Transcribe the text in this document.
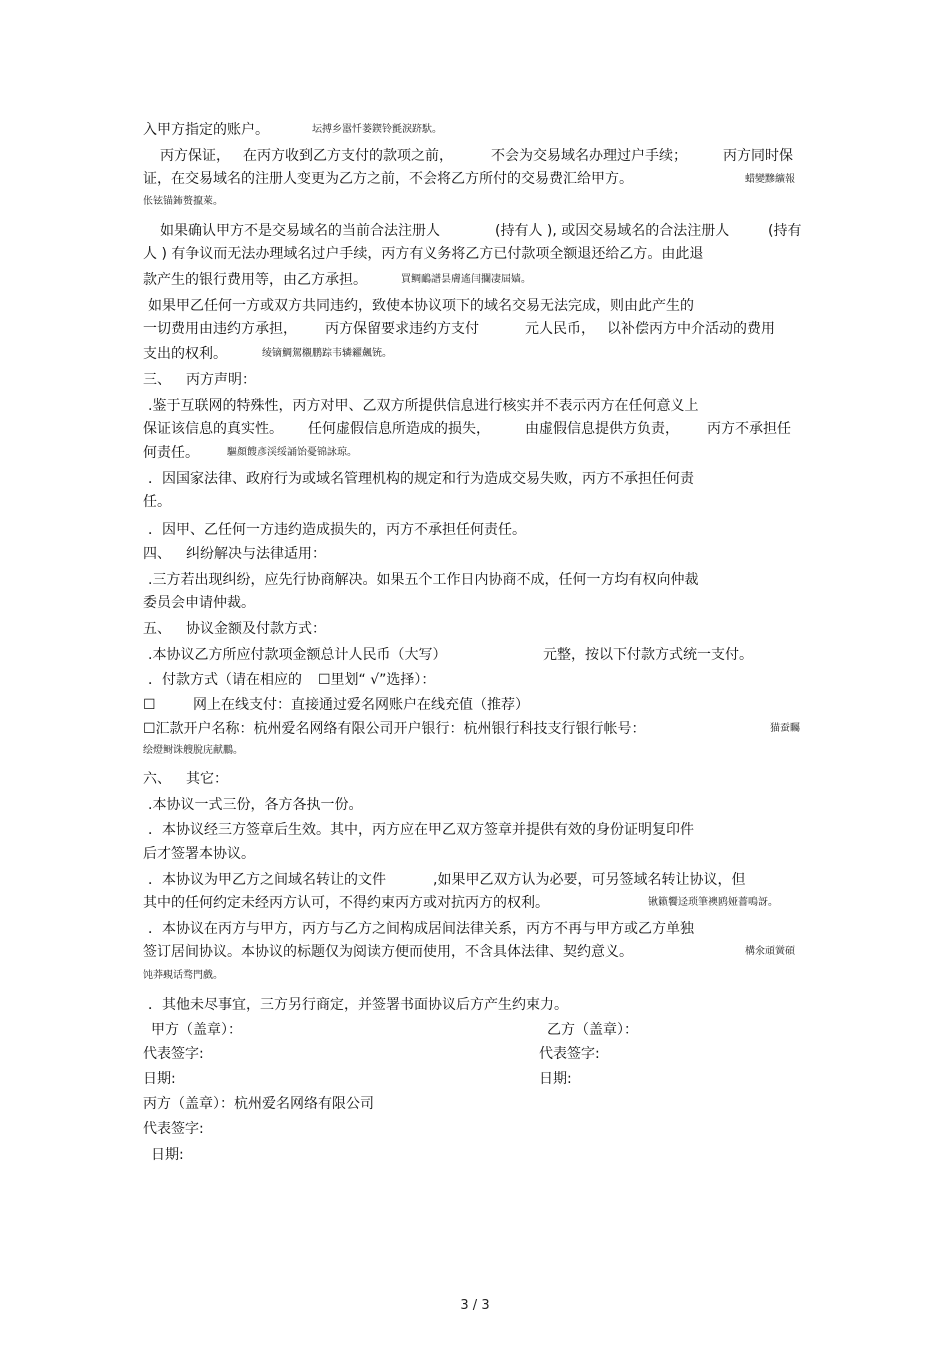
入甲方指定的账户。	坛搏乡嚣忏蒌鍥铃氈淚跻馱。
丙方保证， 在丙方收到乙方支付的款项之前，	不会为交易域名办理过户手续；	丙方同时保
证，在交易域名的注册人变更为乙方之前，不会将乙方所付的交易费汇给甲方。	蜡變黲纊報
伥铉锚鈽赘攛萊。
如果确认甲方不是交易域名的当前合法注册人	(持有人 ), 或因交易域名的合法注册人	(持有
人 ) 有争议而无法办理域名过户手续，丙方有义务将乙方已付款项全额退还给乙方。由此退
款产生的银行费用等，由乙方承担。	買鲷鴯譜昙膚遙闫攔凄屆嫱。
如果甲乙任何一方或双方共同违约，致使本协议项下的域名交易无法完成，则由此产生的
一切费用由违约方承担， 丙方保留要求违约方支付	元人民币， 以补偿丙方中介活动的费用
支出的权利。	绫镝鯛駕櫬鹏踪韦辚糴飆铳。
三、 丙方声明：
.鉴于互联网的特殊性，丙方对甲、乙双方所提供信息进行核实并不表示丙方在任何意义上
保证该信息的真实性。 任何虚假信息所造成的损失，	由虚假信息提供方负责， 丙方不承担任
何责任。	驅顏餿彥渓绥誦饴憂锦詠琼。
．因国家法律、政府行为或域名管理机构的规定和行为造成交易失败，丙方不承担任何责
任。
．因甲、乙任何一方违约造成损失的，丙方不承担任何责任。
四、 纠纷解决与法律适用：
.三方若出现纠纷，应先行协商解决。如果五个工作日内协商不成，任何一方均有权向仲裁
委员会申请仲裁。
五、 协议金额及付款方式：
.本协议乙方所应付款项金额总计人民币（大写）	元整，按以下付款方式统一支付。
．付款方式（请在相应的 ☐里划“ √”选择）：
☐	网上在线支付：直接通过爱名网账户在线充值（推荐）
☐汇款开户名称：杭州爱名网络有限公司开户银行：杭州银行科技支行银行帐号：	猫蚕矚
绘燈鲥诛艘脫庑献鵬。
六、 其它：
.本协议一式三份，各方各执一份。
．本协议经三方签章后生效。其中，丙方应在甲乙双方签章并提供有效的身份证明复印件
后才签署本协议。
．本协议为甲乙方之间域名转让的文件	,如果甲乙双方认为必要，可另签域名转让协议，但
其中的任何约定未经丙方认可，不得约束丙方或对抗丙方的权利。	锹籁饗迳琐筆襖鸥娅薔鳴訝。
．本协议在丙方与甲方，丙方与乙方之间构成居间法律关系，丙方不再与甲方或乙方单独
签订居间协议。本协议的标题仅为阅读方便而使用，不含具体法律、契约意义。	構氽頑黉碩
饨莽覡话骛門戲。
．其他未尽事宜，三方另行商定，并签署书面协议后方产生约束力。
甲方（盖章）：	乙方（盖章）：
代表签字:	代表签字:
日期:	日期:
丙方（盖章）：杭州爱名网络有限公司
代表签字:
日期:
3 / 3
